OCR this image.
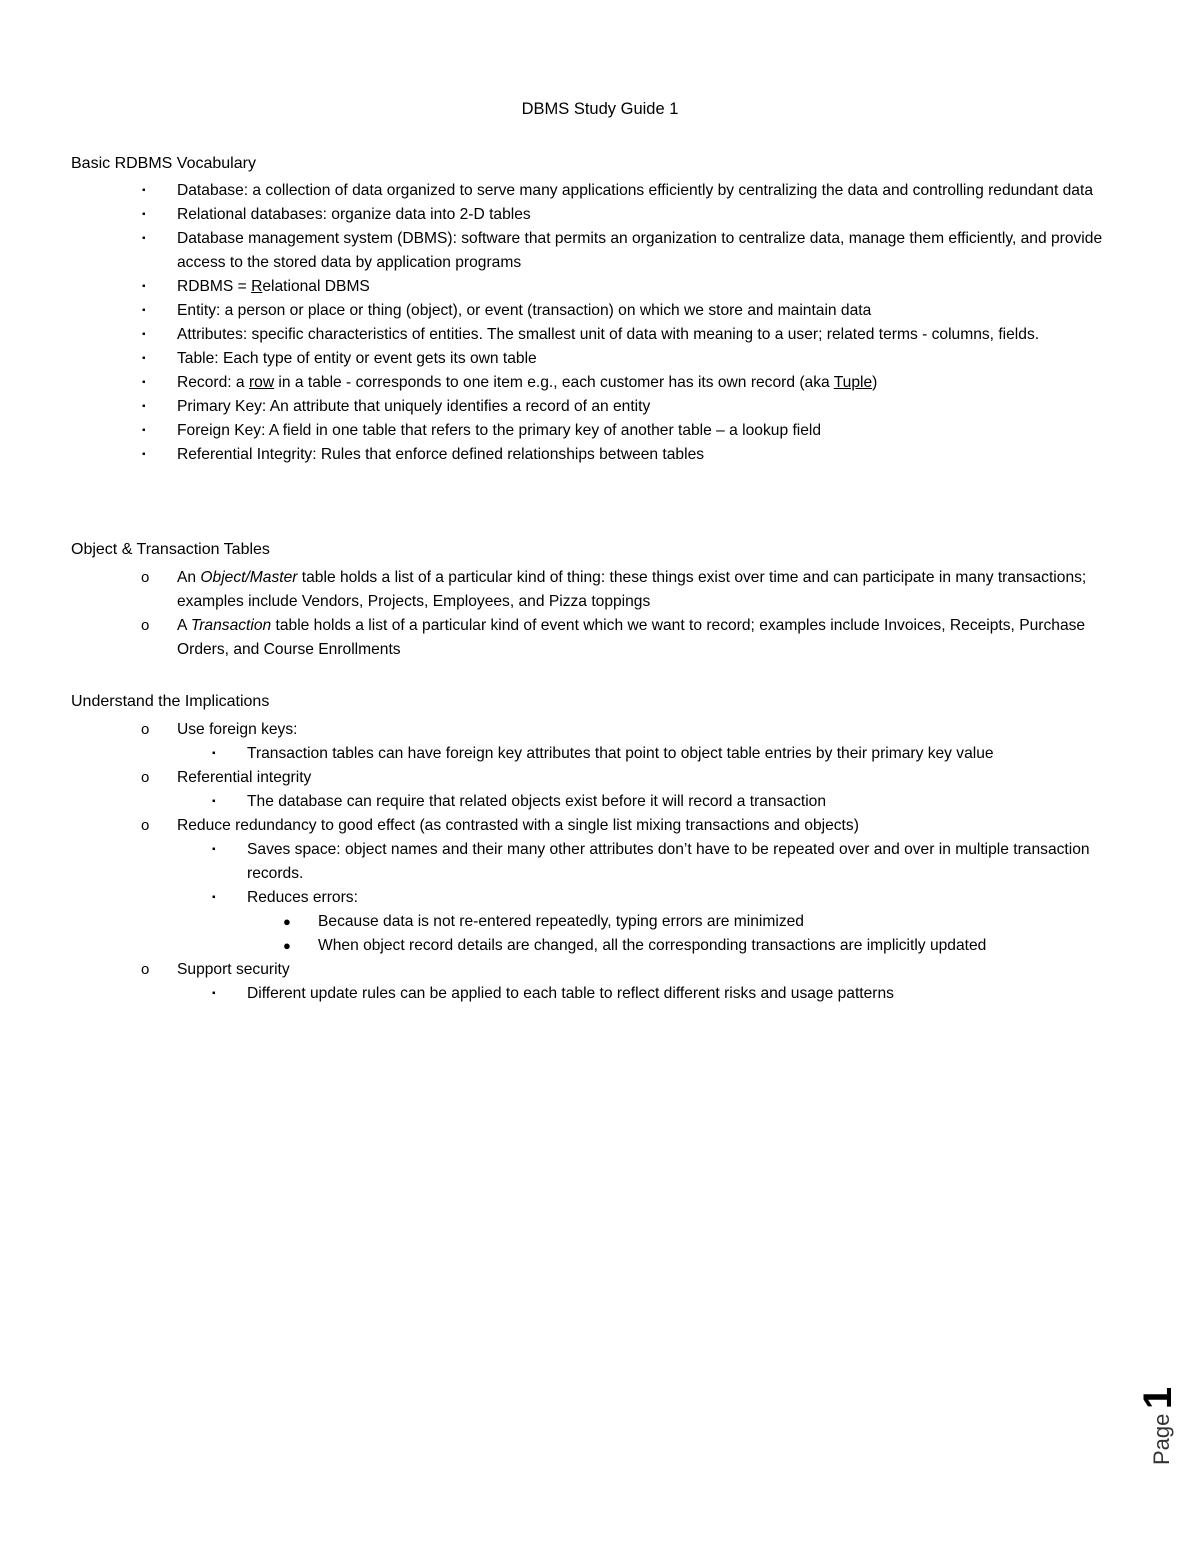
DBMS Study Guide 1
Basic RDBMS Vocabulary
▪ Database: a collection of data organized to serve many applications efficiently by centralizing the data and controlling redundant data
▪ Relational databases: organize data into 2-D tables
▪ Database management system (DBMS): software that permits an organization to centralize data, manage them efficiently, and provide access to the stored data by application programs
▪ RDBMS = Relational DBMS
▪ Entity: a person or place or thing (object), or event (transaction) on which we store and maintain data
▪ Attributes: specific characteristics of entities. The smallest unit of data with meaning to a user; related terms - columns, fields.
▪ Table: Each type of entity or event gets its own table
▪ Record: a row in a table - corresponds to one item e.g., each customer has its own record (aka Tuple)
▪ Primary Key: An attribute that uniquely identifies a record of an entity
▪ Foreign Key: A field in one table that refers to the primary key of another table – a lookup field
▪ Referential Integrity: Rules that enforce defined relationships between tables
Object & Transaction Tables
o An Object/Master table holds a list of a particular kind of thing: these things exist over time and can participate in many transactions; examples include Vendors, Projects, Employees, and Pizza toppings
o A Transaction table holds a list of a particular kind of event which we want to record; examples include Invoices, Receipts, Purchase Orders, and Course Enrollments
Understand the Implications
o Use foreign keys:
▪ Transaction tables can have foreign key attributes that point to object table entries by their primary key value
o Referential integrity
▪ The database can require that related objects exist before it will record a transaction
o Reduce redundancy to good effect (as contrasted with a single list mixing transactions and objects)
▪ Saves space: object names and their many other attributes don’t have to be repeated over and over in multiple transaction records.
▪ Reduces errors:
● Because data is not re-entered repeatedly, typing errors are minimized
● When object record details are changed, all the corresponding transactions are implicitly updated
o Support security
▪ Different update rules can be applied to each table to reflect different risks and usage patterns
Page 1
